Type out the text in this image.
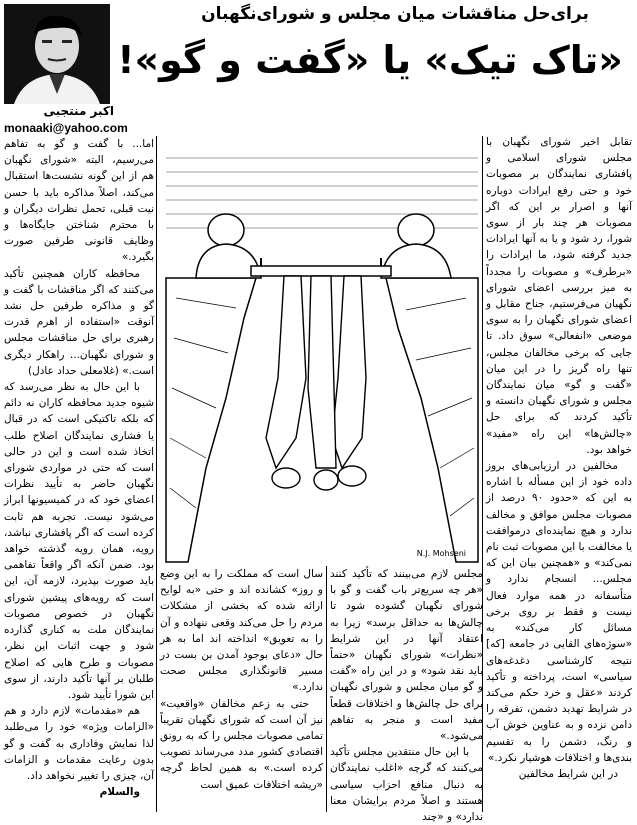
اکبر منتجبی
monaaki@yahoo.com
برای‌حل مناقشات میان مجلس و شورای‌نگهبان
«تاک تیک» یا «گفت و گو»!
N.J. Mohseni

تقابل اخیر شورای نگهبان با مجلس شورای اسلامی و پافشاری نمایندگان بر مصوبات خود و حتی رفع ایرادات دوباره آنها و اصرار بر این که اگر مصوبات هر چند بار از سوی شورا، رد شود و یا به آنها ایرادات جدید گرفته شود، ما ایرادات را «برطرف» و مصوبات را مجدداً به میز بررسی اعضای شورای نگهبان می‌فرستیم، جناح مقابل و اعضای شورای نگهبان را به سوی موضعی «انفعالی» سوق داد. تا جایی که برخی مخالفان مجلس، تنها راه گریز را در این میان «گفت و گو» میان نمایندگان مجلس و شورای نگهبان دانسته و تأکید کردند که برای حل «چالش‌ها» این راه «مفید» خواهد بود.

مخالفین در ارزیابی‌های بروز داده خود از این مسأله با اشاره به این که «حدود ۹۰ درصد از مصوبات مجلس موافق و مخالف ندارد و هیچ نماینده‌ای درموافقت یا مخالفت با این مصوبات ثبت نام نمی‌کند» و «همچنین بیان این که مجلس... انسجام ندارد و متأسفانه در همه موارد فعال نیست و فقط بر روی برخی مسائل کار می‌کند» به «سوژه‌های القایی در جامعه [که] نتیجه کارشناسی دغدغه‌های سیاسی» است، پرداخته و تأکید کردند «عقل و خرد حکم می‌کند در شرایط تهدید دشمن، تفرقه را دامن نزده و به عناوین خوش آب و رنگ، دشمن را به تقسیم بندی‌ها و اختلافات هوشیار نکرد.»

در این شرایط مخالفین

اما... با گفت و گو به تفاهم می‌رسیم، البته «شورای نگهبان هم از این گونه نشست‌ها استقبال می‌کند، اصلاً مذاکره باید با حسن نیت قبلی، تحمل نظرات دیگران و با محترم شناختن جایگاه‌ها و وظایف قانونی طرفین صورت بگیرد.»

محافظه کاران همچنین تأکید می‌کنند که اگر مناقشات با گفت و گو و مذاکره طرفین حل نشد آنوقت «استفاده از اهرم قدرت رهبری برای حل مناقشات مجلس و شورای نگهبان... راهکار دیگری است.» (غلامعلی حداد عادل)

با این حال به نظر می‌رسد که شیوه جدید محافظه کاران نه دائم که بلکه تاکتیکی است که در قبال یا فشاری نمایندگان اصلاح طلب اتخاذ شده است و این در حالی است که حتی در مواردی شورای نگهبان حاضر به تأیید نظرات اعضای خود که در کمیسیونها ابراز می‌شود نیست. تجربه هم ثابت کرده است که اگر پافشاری نباشد، رویه، همان رویه گذشته خواهد بود. ضمن آنکه اگر واقعاً تفاهمی باید صورت بپذیرد، لازمه آن، این است که رویه‌های پیشین شورای نگهبان در خصوص مصوبات نمایندگان ملت به کناری گذارده شود و جهت اثبات این نظر، مصوبات و طرح هایی که اصلاح طلبان بر آنها تأکید دارند، از سوی این شورا تأیید شود.

هم «مقدمات» لازم دارد و هم «الزامات ویژه» خود را می‌طلبد لذا نمایش وفاداری به گفت و گو بدون رعایت مقدمات و الزامات آن، چیزی را تغییر نخواهد داد.

والسلام

مجلس لازم می‌بینند که تأکید کنند «هر چه سریع‌تر باب گفت و گو با شورای نگهبان گشوده شود تا چالش‌ها به حداقل برسد» زیرا به اعتقاد آنها در این شرایط «نظرات» شورای نگهبان «حتماً باید نقد شود» و در این راه «گفت و گو میان مجلس و شورای نگهبان برای حل چالش‌ها و اختلافات قطعاً مفید است و منجر به تفاهم می‌شود.»

با این حال منتقدین مجلس تأکید می‌کنند که گرچه «اغلب نمایندگان به دنبال منافع احزاب سیاسی هستند و اصلاً مردم برایشان معنا ندارد» و «چند

سال است که مملکت را به این وضع و روز» کشانده اند و حتی «به لوایح ارائه شده که بخشی از مشکلات مردم را حل می‌کند وقعی ننهاده و آن را به تعویق» انداخته اند اما به هر حال «دعای بوجود آمدن بن بست در مسیر قانونگذاری مجلس صحت ندارد.»

حتی به زعم مخالفان «واقعیت» نیز آن است که شورای نگهبان تقریباً تمامی مصوبات مجلس را که به رونق اقتصادی کشور مدد می‌رساند تصویب کرده است.» به همین لحاظ گرچه «ریشه اختلافات عمیق است
